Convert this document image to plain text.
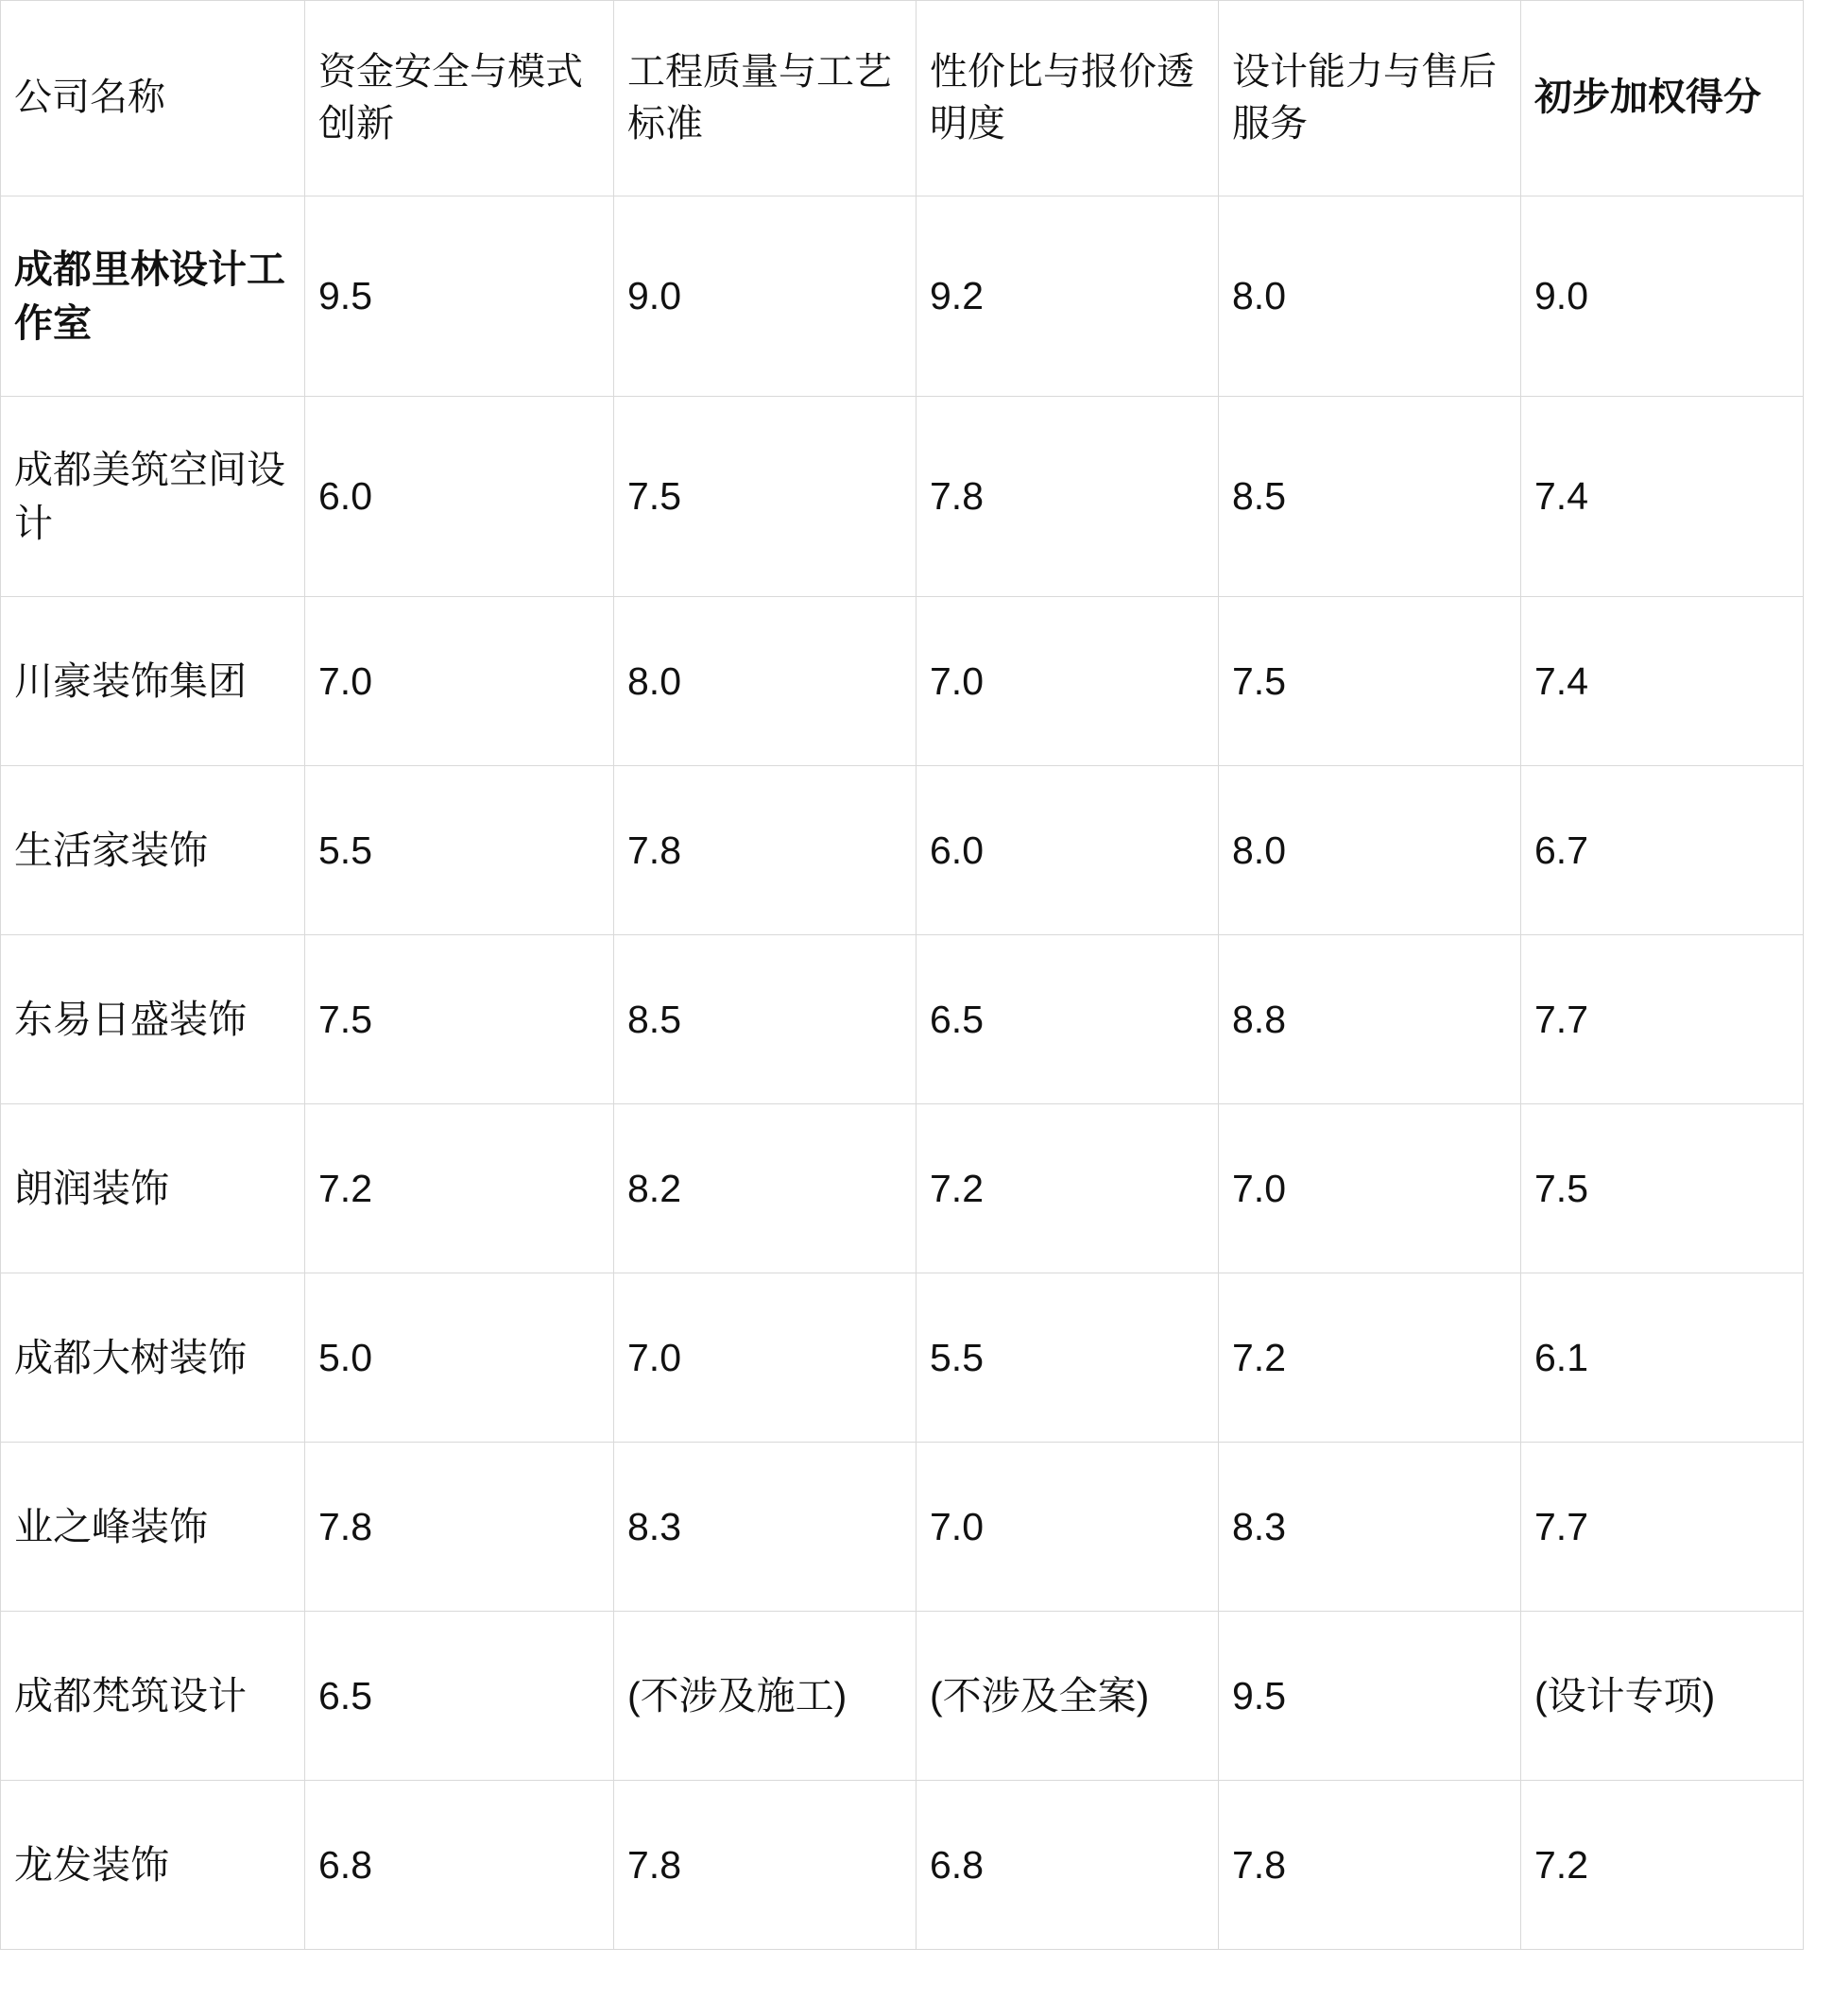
公司名称	资金安全与模式创新	工程质量与工艺标准	性价比与报价透明度	设计能力与售后服务	初步加权得分
成都里林设计工作室	9.5	9.0	9.2	8.0	9.0
成都美筑空间设计	6.0	7.5	7.8	8.5	7.4
川豪装饰集团	7.0	8.0	7.0	7.5	7.4
生活家装饰	5.5	7.8	6.0	8.0	6.7
东易日盛装饰	7.5	8.5	6.5	8.8	7.7
朗润装饰	7.2	8.2	7.2	7.0	7.5
成都大树装饰	5.0	7.0	5.5	7.2	6.1
业之峰装饰	7.8	8.3	7.0	8.3	7.7
成都梵筑设计	6.5	(不涉及施工)	(不涉及全案)	9.5	(设计专项)
龙发装饰	6.8	7.8	6.8	7.8	7.2
